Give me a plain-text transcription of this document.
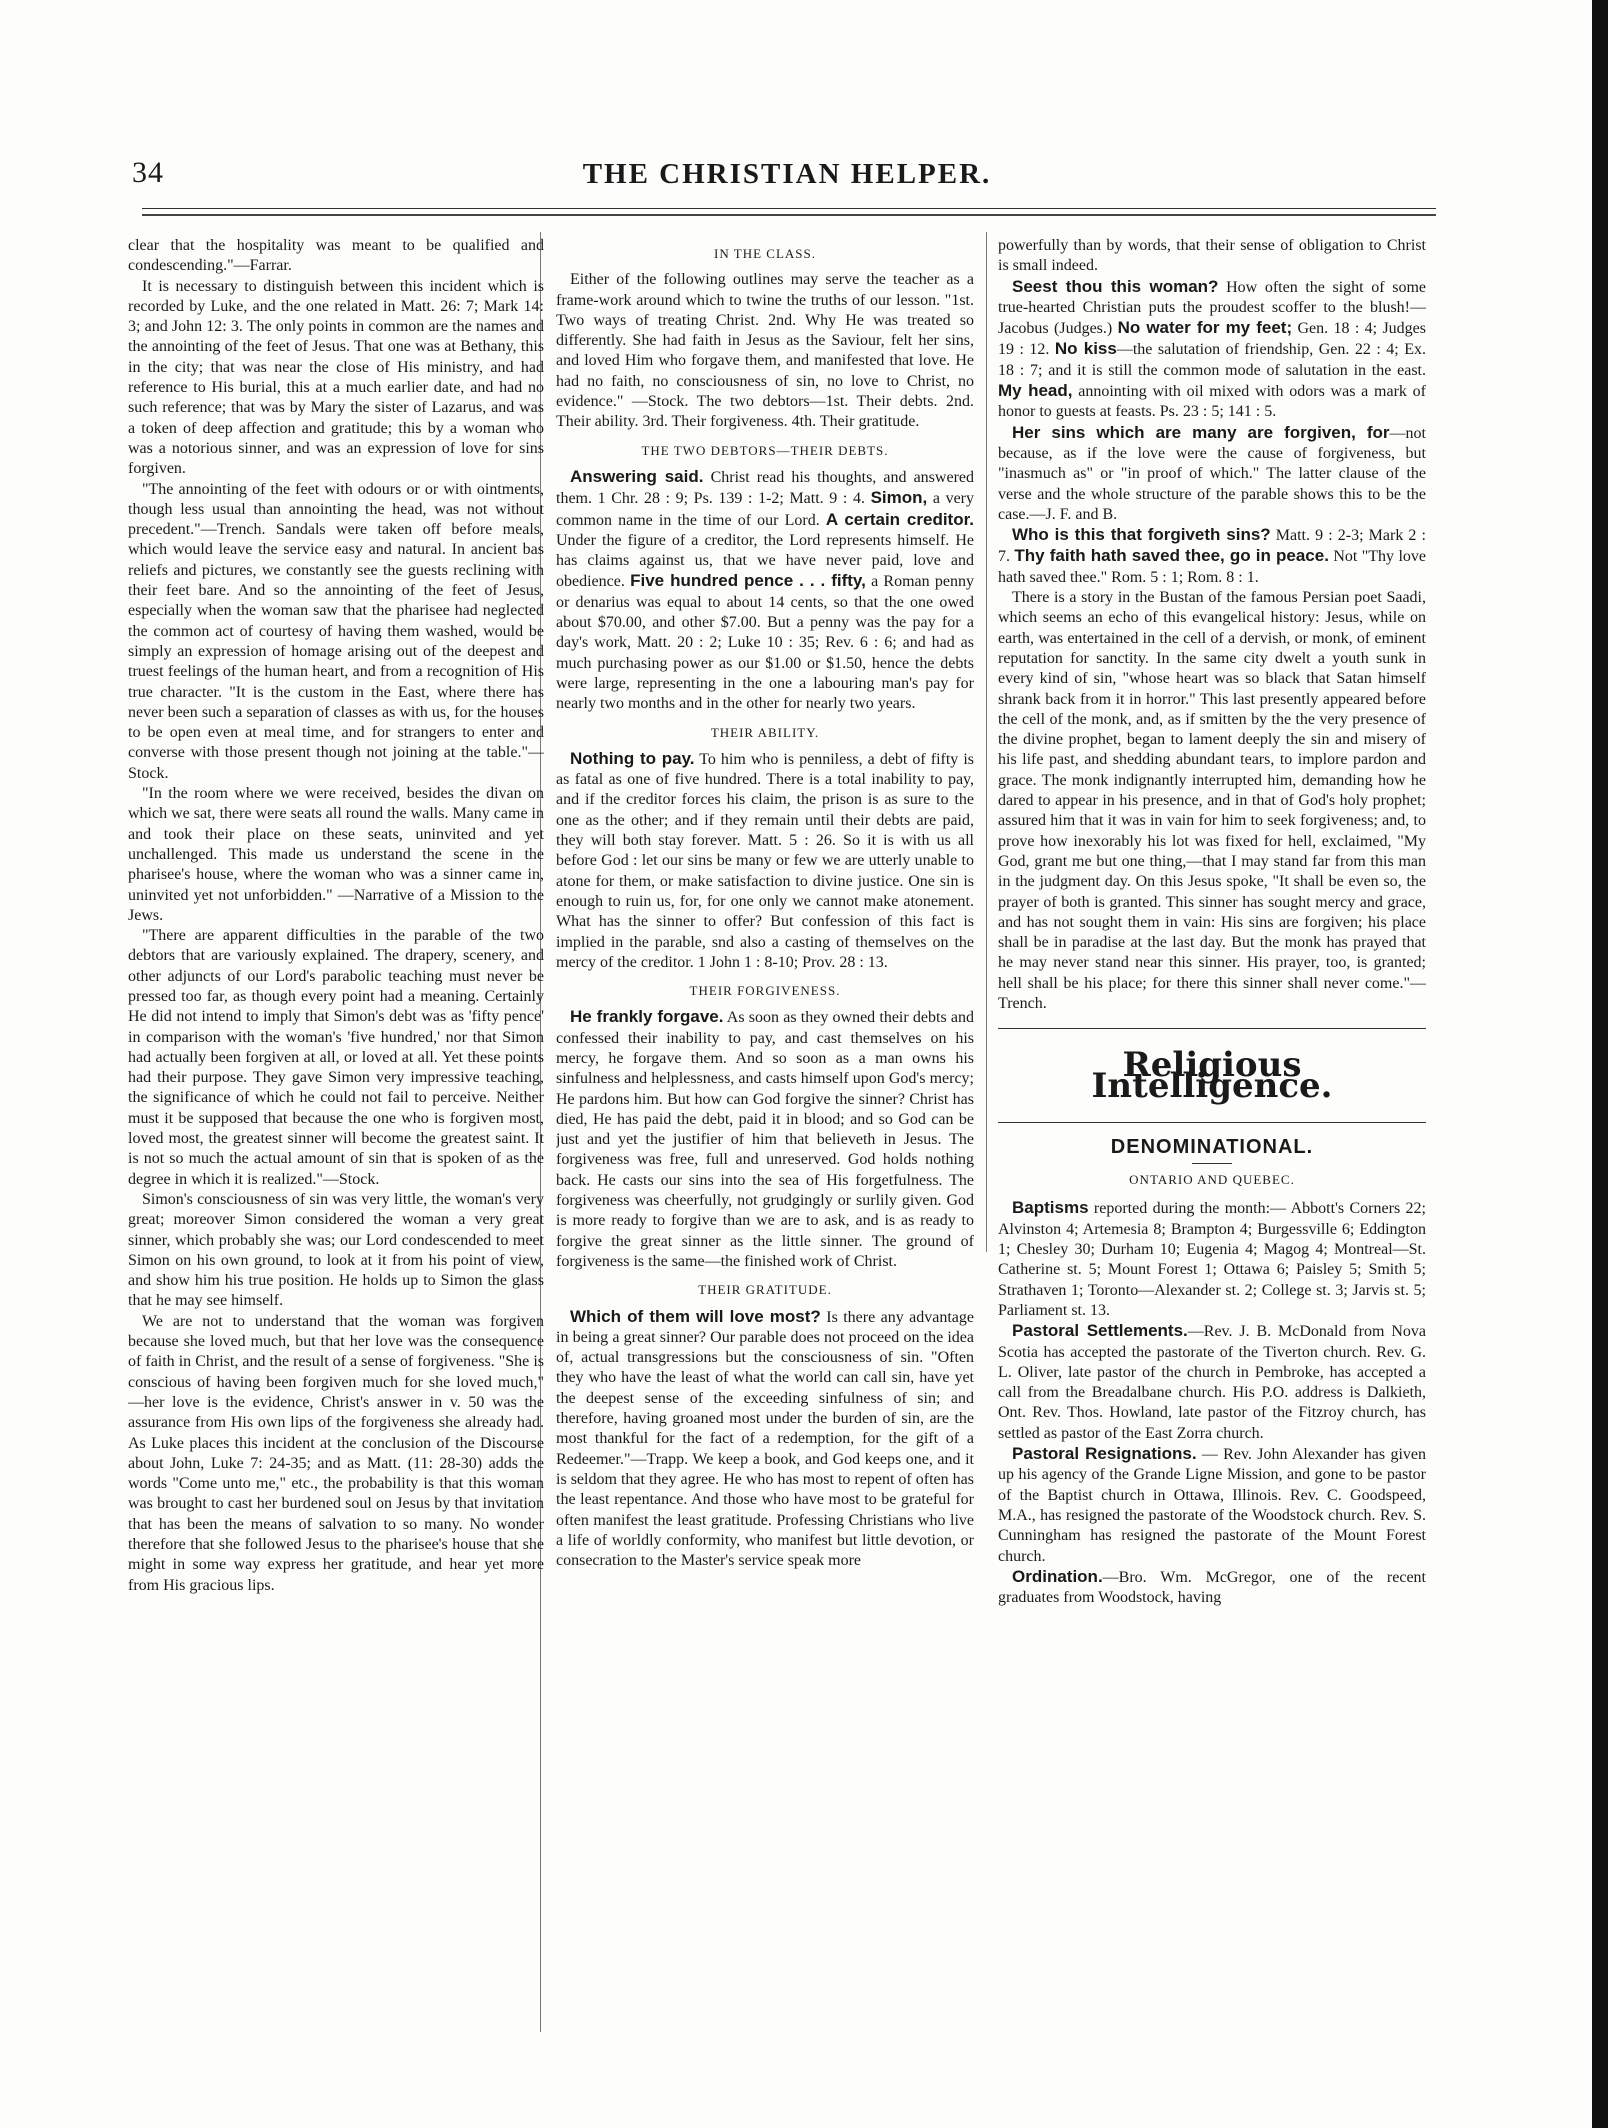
34	THE CHRISTIAN HELPER.

clear that the hospitality was meant to be qualified and condescending."—Farrar.

It is necessary to distinguish between this incident which is recorded by Luke, and the one related in Matt. 26: 7; Mark 14: 3; and John 12: 3. The only points in common are the names and the annointing of the feet of Jesus. That one was at Bethany, this in the city; that was near the close of His ministry, and had reference to His burial, this at a much earlier date, and had no such reference; that was by Mary the sister of Lazarus, and was a token of deep affection and gratitude; this by a woman who was a notorious sinner, and was an expression of love for sins forgiven.

"The annointing of the feet with odours or or with ointments, though less usual than annointing the head, was not without precedent."—Trench. Sandals were taken off before meals, which would leave the service easy and natural. In ancient bas reliefs and pictures, we constantly see the guests reclining with their feet bare. And so the annointing of the feet of Jesus, especially when the woman saw that the pharisee had neglected the common act of courtesy of having them washed, would be simply an expression of homage arising out of the deepest and truest feelings of the human heart, and from a recognition of His true character. "It is the custom in the East, where there has never been such a separation of classes as with us, for the houses to be open even at meal time, and for strangers to enter and converse with those present though not joining at the table."—Stock.

"In the room where we were received, besides the divan on which we sat, there were seats all round the walls. Many came in and took their place on these seats, uninvited and yet unchallenged. This made us understand the scene in the pharisee's house, where the woman who was a sinner came in, uninvited yet not unforbidden." —Narrative of a Mission to the Jews.

"There are apparent difficulties in the parable of the two debtors that are variously explained. The drapery, scenery, and other adjuncts of our Lord's parabolic teaching must never be pressed too far, as though every point had a meaning. Certainly He did not intend to imply that Simon's debt was as 'fifty pence' in comparison with the woman's 'five hundred,' nor that Simon had actually been forgiven at all, or loved at all. Yet these points had their purpose. They gave Simon very impressive teaching, the significance of which he could not fail to perceive. Neither must it be supposed that because the one who is forgiven most, loved most, the greatest sinner will become the greatest saint. It is not so much the actual amount of sin that is spoken of as the degree in which it is realized."—Stock.

Simon's consciousness of sin was very little, the woman's very great; moreover Simon considered the woman a very great sinner, which probably she was; our Lord condescended to meet Simon on his own ground, to look at it from his point of view, and show him his true position. He holds up to Simon the glass that he may see himself.

We are not to understand that the woman was forgiven because she loved much, but that her love was the consequence of faith in Christ, and the result of a sense of forgiveness. "She is conscious of having been forgiven much for she loved much," —her love is the evidence, Christ's answer in v. 50 was the assurance from His own lips of the forgiveness she already had. As Luke places this incident at the conclusion of the Discourse about John, Luke 7: 24-35; and as Matt. (11: 28-30) adds the words "Come unto me," etc., the probability is that this woman was brought to cast her burdened soul on Jesus by that invitation that has been the means of salvation to so many. No wonder therefore that she followed Jesus to the pharisee's house that she might in some way express her gratitude, and hear yet more from His gracious lips.

IN THE CLASS.

Either of the following outlines may serve the teacher as a frame-work around which to twine the truths of our lesson. "1st. Two ways of treating Christ. 2nd. Why He was treated so differently. She had faith in Jesus as the Saviour, felt her sins, and loved Him who forgave them, and manifested that love. He had no faith, no consciousness of sin, no love to Christ, no evidence." —Stock. The two debtors—1st. Their debts. 2nd. Their ability. 3rd. Their forgiveness. 4th. Their gratitude.

THE TWO DEBTORS—THEIR DEBTS.

Answering said. Christ read his thoughts, and answered them. 1 Chr. 28 : 9; Ps. 139 : 1-2; Matt. 9 : 4. Simon, a very common name in the time of our Lord. A certain creditor. Under the figure of a creditor, the Lord represents himself. He has claims against us, that we have never paid, love and obedience. Five hundred pence . . . fifty, a Roman penny or denarius was equal to about 14 cents, so that the one owed about $70.00, and other $7.00. But a penny was the pay for a day's work, Matt. 20 : 2; Luke 10 : 35; Rev. 6 : 6; and had as much purchasing power as our $1.00 or $1.50, hence the debts were large, representing in the one a labouring man's pay for nearly two months and in the other for nearly two years.

THEIR ABILITY.

Nothing to pay. To him who is penniless, a debt of fifty is as fatal as one of five hundred. There is a total inability to pay, and if the creditor forces his claim, the prison is as sure to the one as the other; and if they remain until their debts are paid, they will both stay forever. Matt. 5 : 26. So it is with us all before God : let our sins be many or few we are utterly unable to atone for them, or make satisfaction to divine justice. One sin is enough to ruin us, for, for one only we cannot make atonement. What has the sinner to offer? But confession of this fact is implied in the parable, snd also a casting of themselves on the mercy of the creditor. 1 John 1 : 8-10; Prov. 28 : 13.

THEIR FORGIVENESS.

He frankly forgave. As soon as they owned their debts and confessed their inability to pay, and cast themselves on his mercy, he forgave them. And so soon as a man owns his sinfulness and helplessness, and casts himself upon God's mercy; He pardons him. But how can God forgive the sinner? Christ has died, He has paid the debt, paid it in blood; and so God can be just and yet the justifier of him that believeth in Jesus. The forgiveness was free, full and unreserved. God holds nothing back. He casts our sins into the sea of His forgetfulness. The forgiveness was cheerfully, not grudgingly or surlily given. God is more ready to forgive than we are to ask, and is as ready to forgive the great sinner as the little sinner. The ground of forgiveness is the same—the finished work of Christ.

THEIR GRATITUDE.

Which of them will love most? Is there any advantage in being a great sinner? Our parable does not proceed on the idea of, actual transgressions but the consciousness of sin. "Often they who have the least of what the world can call sin, have yet the deepest sense of the exceeding sinfulness of sin; and therefore, having groaned most under the burden of sin, are the most thankful for the fact of a redemption, for the gift of a Redeemer."—Trapp. We keep a book, and God keeps one, and it is seldom that they agree. He who has most to repent of often has the least repentance. And those who have most to be grateful for often manifest the least gratitude. Professing Christians who live a life of worldly conformity, who manifest but little devotion, or consecration to the Master's service speak more

powerfully than by words, that their sense of obligation to Christ is small indeed.

Seest thou this woman? How often the sight of some true-hearted Christian puts the proudest scoffer to the blush!—Jacobus (Judges.) No water for my feet; Gen. 18 : 4; Judges 19 : 12. No kiss—the salutation of friendship, Gen. 22 : 4; Ex. 18 : 7; and it is still the common mode of salutation in the east. My head, annointing with oil mixed with odors was a mark of honor to guests at feasts. Ps. 23 : 5; 141 : 5.

Her sins which are many are forgiven, for—not because, as if the love were the cause of forgiveness, but "inasmuch as" or "in proof of which." The latter clause of the verse and the whole structure of the parable shows this to be the case.—J. F. and B.

Who is this that forgiveth sins? Matt. 9 : 2-3; Mark 2 : 7. Thy faith hath saved thee, go in peace. Not "Thy love hath saved thee." Rom. 5 : 1; Rom. 8 : 1.

There is a story in the Bustan of the famous Persian poet Saadi, which seems an echo of this evangelical history: Jesus, while on earth, was entertained in the cell of a dervish, or monk, of eminent reputation for sanctity. In the same city dwelt a youth sunk in every kind of sin, "whose heart was so black that Satan himself shrank back from it in horror." This last presently appeared before the cell of the monk, and, as if smitten by the the very presence of the divine prophet, began to lament deeply the sin and misery of his life past, and shedding abundant tears, to implore pardon and grace. The monk indignantly interrupted him, demanding how he dared to appear in his presence, and in that of God's holy prophet; assured him that it was in vain for him to seek forgiveness; and, to prove how inexorably his lot was fixed for hell, exclaimed, "My God, grant me but one thing,—that I may stand far from this man in the judgment day. On this Jesus spoke, "It shall be even so, the prayer of both is granted. This sinner has sought mercy and grace, and has not sought them in vain: His sins are forgiven; his place shall be in paradise at the last day. But the monk has prayed that he may never stand near this sinner. His prayer, too, is granted; hell shall be his place; for there this sinner shall never come."—Trench.

Religious Intelligence.
DENOMINATIONAL.
ONTARIO AND QUEBEC.

Baptisms reported during the month:— Abbott's Corners 22; Alvinston 4; Artemesia 8; Brampton 4; Burgessville 6; Eddington 1; Chesley 30; Durham 10; Eugenia 4; Magog 4; Montreal—St. Catherine st. 5; Mount Forest 1; Ottawa 6; Paisley 5; Smith 5; Strathaven 1; Toronto—Alexander st. 2; College st. 3; Jarvis st. 5; Parliament st. 13.

Pastoral Settlements.—Rev. J. B. McDonald from Nova Scotia has accepted the pastorate of the Tiverton church. Rev. G. L. Oliver, late pastor of the church in Pembroke, has accepted a call from the Breadalbane church. His P.O. address is Dalkieth, Ont. Rev. Thos. Howland, late pastor of the Fitzroy church, has settled as pastor of the East Zorra church.

Pastoral Resignations. — Rev. John Alexander has given up his agency of the Grande Ligne Mission, and gone to be pastor of the Baptist church in Ottawa, Illinois. Rev. C. Goodspeed, M.A., has resigned the pastorate of the Woodstock church. Rev. S. Cunningham has resigned the pastorate of the Mount Forest church.

Ordination.—Bro. Wm. McGregor, one of the recent graduates from Woodstock, having
